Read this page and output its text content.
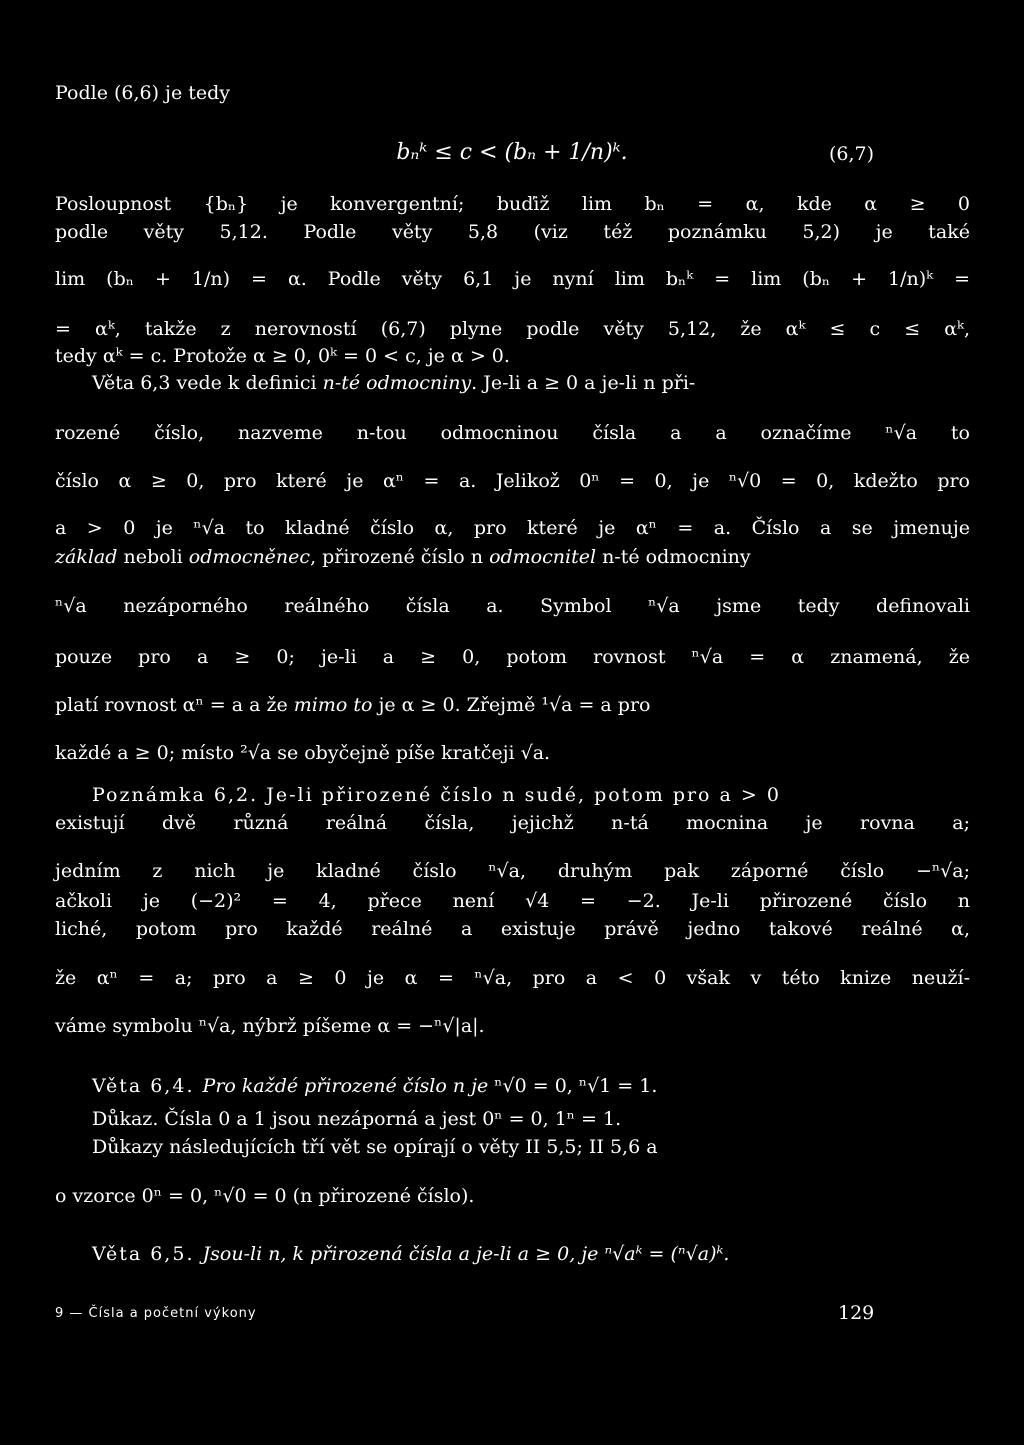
Podle (6,6) je tedy
bₙᵏ ≤ c < (bₙ + 1/n)ᵏ.	(6,7)
Posloupnost {bₙ} je konvergentní; buďiž lim bₙ = α, kde α ≥ 0
podle věty 5,12. Podle věty 5,8 (viz též poznámku 5,2) je také
lim (bₙ + 1/n) = α. Podle věty 6,1 je nyní lim bₙᵏ = lim (bₙ + 1/n)ᵏ =
= αᵏ, takže z nerovností (6,7) plyne podle věty 5,12, že αᵏ ≤ c ≤ αᵏ,
tedy αᵏ = c. Protože α ≥ 0, 0ᵏ = 0 < c, je α > 0.
Věta 6,3 vede k definici n-té odmocniny. Je-li a ≥ 0 a je-li n při-
rozené číslo, nazveme n-tou odmocninou čísla a a označíme ⁿ√a to
číslo α ≥ 0, pro které je αⁿ = a. Jelikož 0ⁿ = 0, je ⁿ√0 = 0, kdežto pro
a > 0 je ⁿ√a to kladné číslo α, pro které je αⁿ = a. Číslo a se jmenuje
základ neboli odmocněnec, přirozené číslo n odmocnitel n-té odmocniny
ⁿ√a nezáporného reálného čísla a. Symbol ⁿ√a jsme tedy definovali
pouze pro a ≥ 0; je-li a ≥ 0, potom rovnost ⁿ√a = α znamená, že
platí rovnost αⁿ = a a že mimo to je α ≥ 0. Zřejmě ¹√a = a pro
každé a ≥ 0; místo ²√a se obyčejně píše kratčeji √a.
Poznámka 6,2. Je-li přirozené číslo n sudé, potom pro a > 0
existují dvě různá reálná čísla, jejichž n-tá mocnina je rovna a;
jedním z nich je kladné číslo ⁿ√a, druhým pak záporné číslo −ⁿ√a;
ačkoli je (−2)² = 4, přece není √4 = −2. Je-li přirozené číslo n
liché, potom pro každé reálné a existuje právě jedno takové reálné α,
že αⁿ = a; pro a ≥ 0 je α = ⁿ√a, pro a < 0 však v této knize neuží-
váme symbolu ⁿ√a, nýbrž píšeme α = −ⁿ√|a|.
Věta 6,4. Pro každé přirozené číslo n je ⁿ√0 = 0, ⁿ√1 = 1.
Důkaz. Čísla 0 a 1 jsou nezáporná a jest 0ⁿ = 0, 1ⁿ = 1.
Důkazy následujících tří vět se opírají o věty II 5,5; II 5,6 a
o vzorce 0ⁿ = 0, ⁿ√0 = 0 (n přirozené číslo).
Věta 6,5. Jsou-li n, k přirozená čísla a je-li a ≥ 0, je ⁿ√aᵏ = (ⁿ√a)ᵏ.
9 — Čísla a početní výkony	129
